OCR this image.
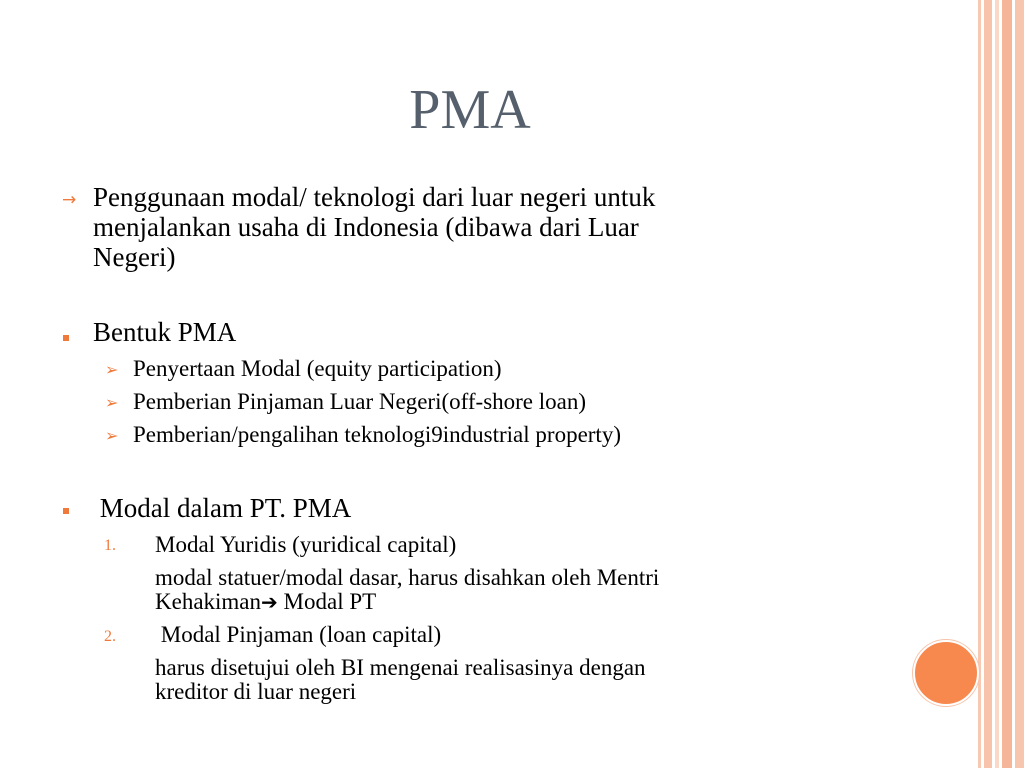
PMA
→ Penggunaan modal/ teknologi dari luar negeri untuk
menjalankan usaha di Indonesia (dibawa dari Luar
Negeri)
Bentuk PMA
➢ Penyertaan Modal (equity participation)
➢ Pemberian Pinjaman Luar Negeri(off-shore loan)
➢ Pemberian/pengalihan teknologi9industrial property)
Modal dalam PT. PMA
1. Modal Yuridis (yuridical capital)
modal statuer/modal dasar, harus disahkan oleh Mentri
Kehakiman➔ Modal PT
2. Modal Pinjaman (loan capital)
harus disetujui oleh BI mengenai realisasinya dengan
kreditor di luar negeri
